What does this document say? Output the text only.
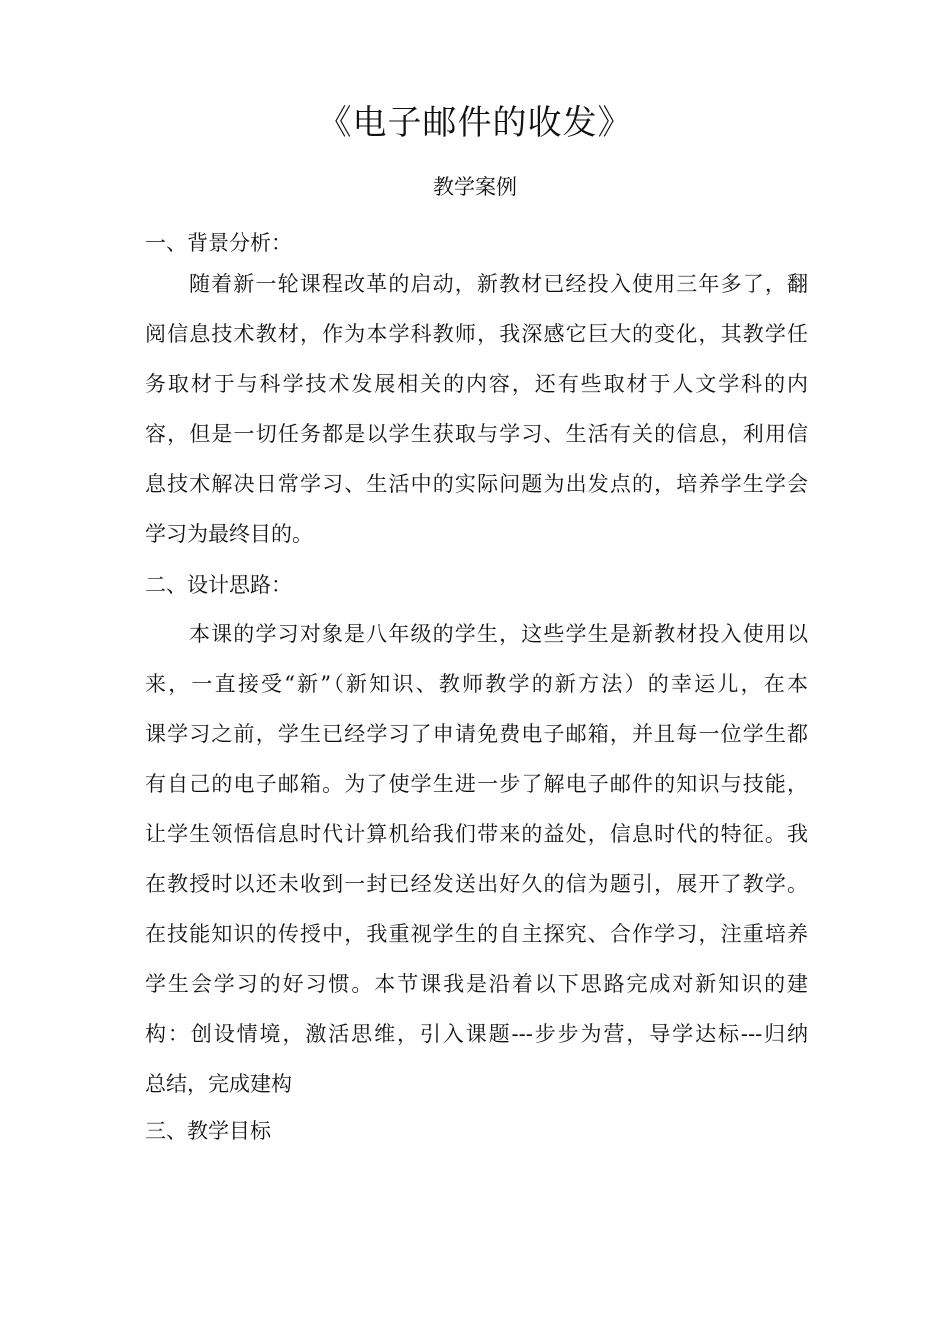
《电子邮件的收发》
教学案例
一、背景分析：
随着新一轮课程改革的启动，新教材已经投入使用三年多了，翻
阅信息技术教材，作为本学科教师，我深感它巨大的变化，其教学任
务取材于与科学技术发展相关的内容，还有些取材于人文学科的内
容，但是一切任务都是以学生获取与学习、生活有关的信息，利用信
息技术解决日常学习、生活中的实际问题为出发点的，培养学生学会
学习为最终目的。
二、设计思路：
本课的学习对象是八年级的学生，这些学生是新教材投入使用以
来，一直接受“新”（新知识、教师教学的新方法）的幸运儿，在本
课学习之前，学生已经学习了申请免费电子邮箱，并且每一位学生都
有自己的电子邮箱。为了使学生进一步了解电子邮件的知识与技能，
让学生领悟信息时代计算机给我们带来的益处，信息时代的特征。我
在教授时以还未收到一封已经发送出好久的信为题引，展开了教学。
在技能知识的传授中，我重视学生的自主探究、合作学习，注重培养
学生会学习的好习惯。本节课我是沿着以下思路完成对新知识的建
构：创设情境，激活思维，引入课题---步步为营，导学达标---归纳
总结，完成建构
三、教学目标
